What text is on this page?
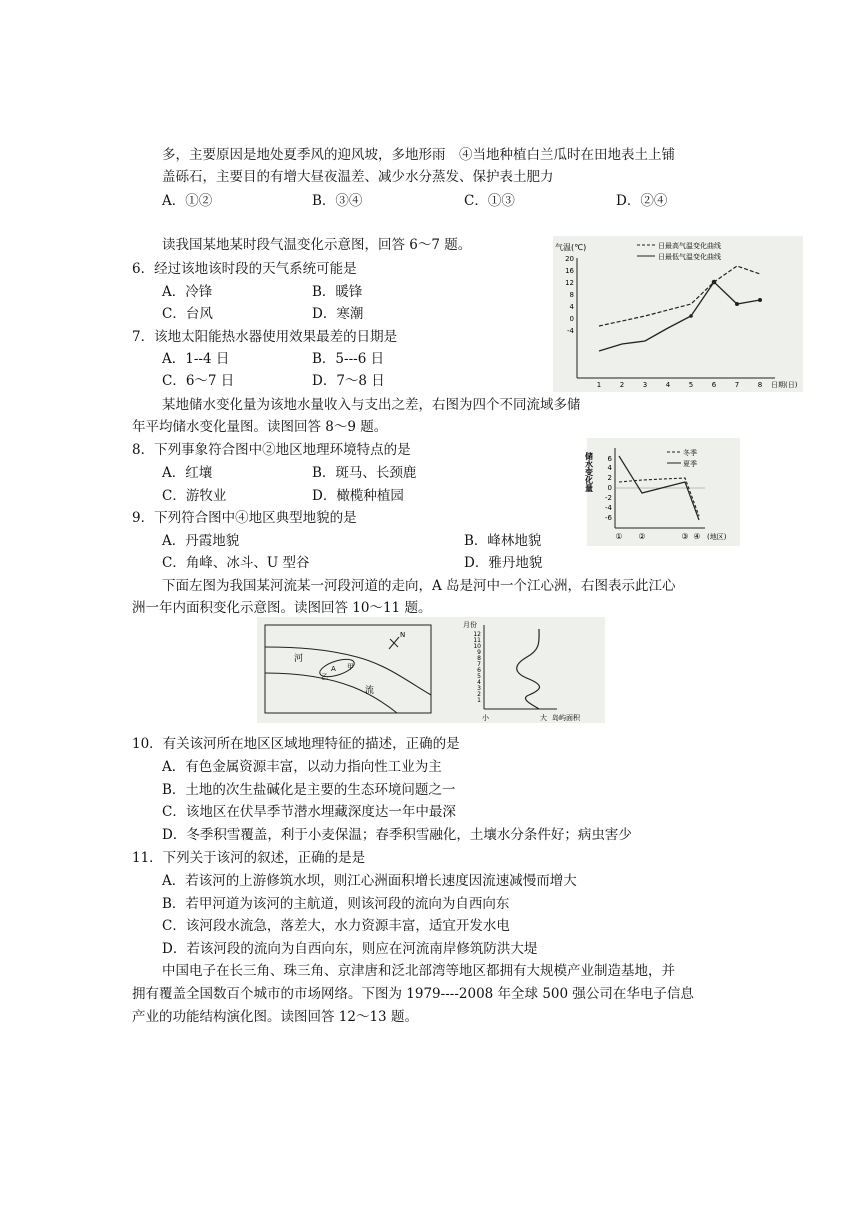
多，主要原因是地处夏季风的迎风坡，多地形雨　④当地种植白兰瓜时在田地表土上铺
盖砾石，主要目的有增大昼夜温差、减少水分蒸发、保护表土肥力
A．①②	B．③④	C．①③	D．②④
读我国某地某时段气温变化示意图，回答 6～7 题。
6．经过该地该时段的天气系统可能是
A．冷锋	B．暖锋
C．台风	D．寒潮
7．该地太阳能热水器使用效果最差的日期是
A．1--4 日	B．5---6 日
C．6～7 日	D．7～8 日
气温(℃)	日最高气温变化曲线
日最低气温变化曲线
20
16
12
8
4
0
-4
1	2	3	4	5	6	7	8 日期(日)
某地储水变化量为该地水量收入与支出之差，右图为四个不同流域多储
年平均储水变化量图。读图回答 8～9 题。
8．下列事象符合图中②地区地理环境特点的是
A．红壤	B．斑马、长颈鹿
C．游牧业	D．橄榄种植园
9．下列符合图中④地区典型地貌的是
A．丹霞地貌	B．峰林地貌
C．角峰、冰斗、U 型谷	D．雅丹地貌
储水变化量 6
4
2
0
-2
-4
-6
冬季
夏季
① ②	③ ④ (地区)
下面左图为我国某河流某一河段河道的走向，A 岛是河中一个江心洲，右图表示此江心
洲一年内面积变化示意图。读图回答 10～11 题。
河
流
A 甲
乙
N
月份
12
11
10
9
8
7
6
5
4
3
2
1
小	大 岛屿面积
10．有关该河所在地区区域地理特征的描述，正确的是
A．有色金属资源丰富，以动力指向性工业为主
B．土地的次生盐碱化是主要的生态环境问题之一
C．该地区在伏旱季节潜水埋藏深度达一年中最深
D．冬季积雪覆盖，利于小麦保温；春季积雪融化，土壤水分条件好；病虫害少
11．下列关于该河的叙述，正确的是是
A．若该河的上游修筑水坝，则江心洲面积增长速度因流速减慢而增大
B．若甲河道为该河的主航道，则该河段的流向为自西向东
C．该河段水流急，落差大，水力资源丰富，适宜开发水电
D．若该河段的流向为自西向东，则应在河流南岸修筑防洪大堤
中国电子在长三角、珠三角、京津唐和泛北部湾等地区都拥有大规模产业制造基地，并
拥有覆盖全国数百个城市的市场网络。下图为 1979----2008 年全球 500 强公司在华电子信息
产业的功能结构演化图。读图回答 12～13 题。
